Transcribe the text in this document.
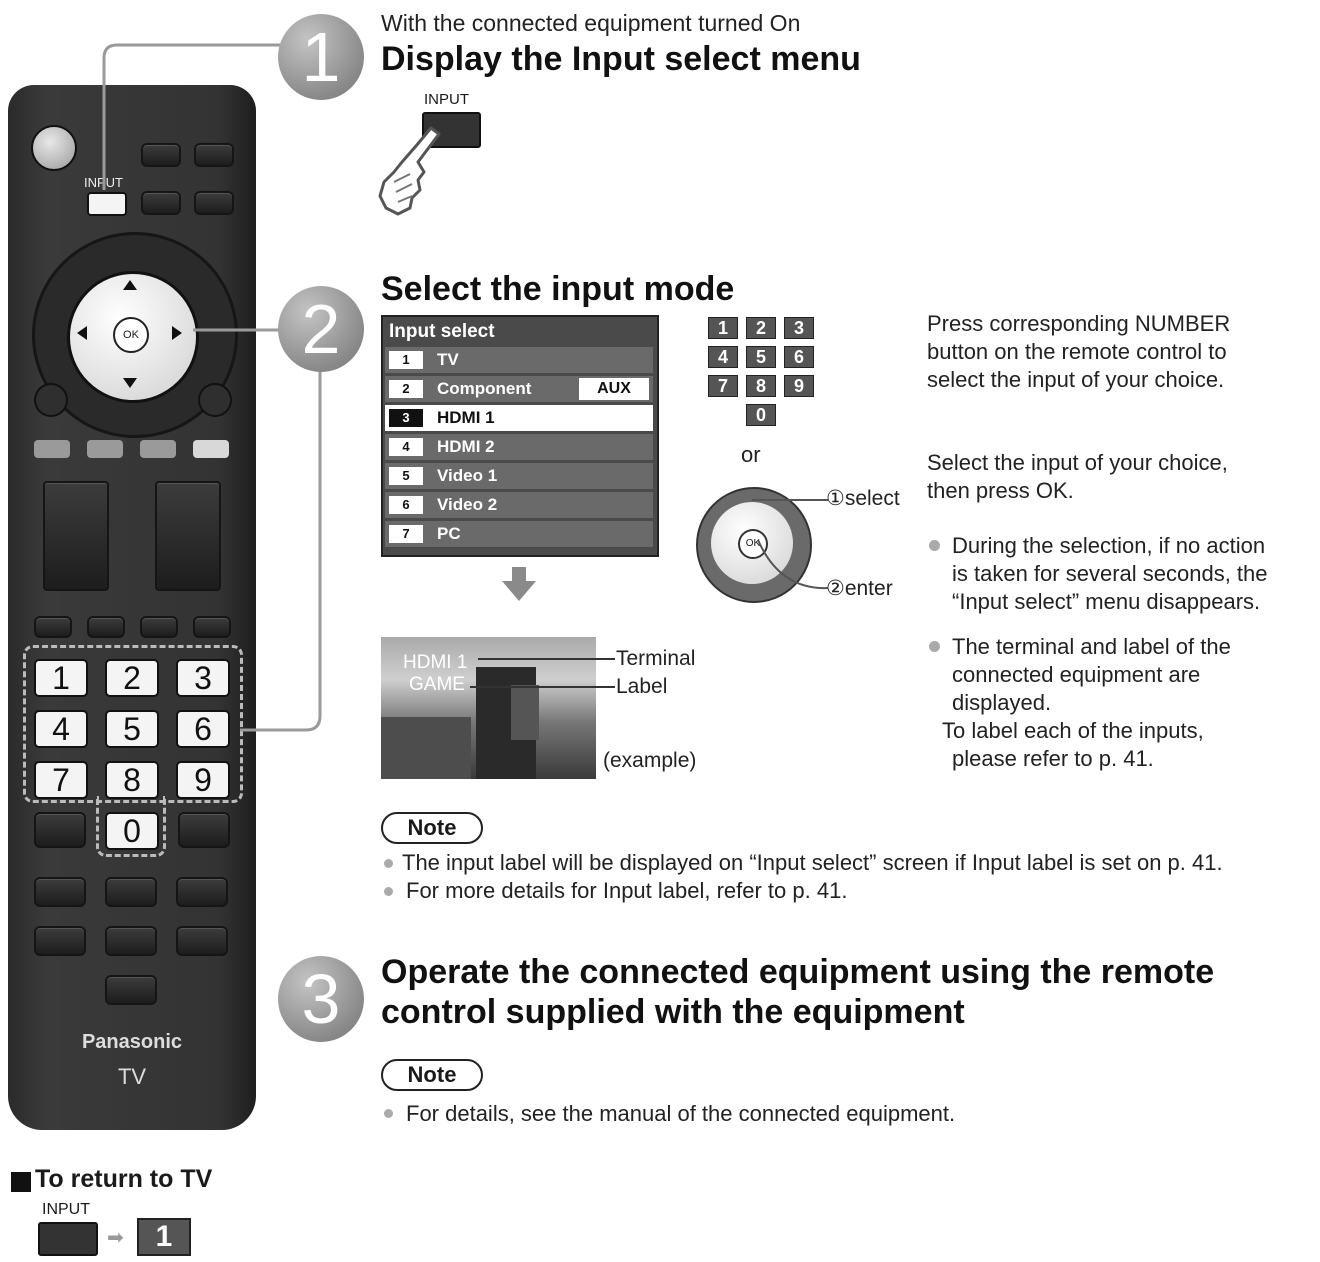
INPUT
OK
1	2	3
4	5	6
7	8	9
0
Panasonic
TV
1	With the connected equipment turned On
Display the Input select menu
INPUT
2
Select the input mode
Input select
1	TV
2	Component	AUX
3	HDMI 1
4	HDMI 2
5	Video 1
6	Video 2
7	PC
1	2	3
4	5	6
7	8	9
0
or
OK
①select
②enter
HDMI 1
GAME
Terminal
Label
(example)
Press corresponding NUMBER
button on the remote control to
select the input of your choice.
Select the input of your choice,
then press OK.
During the selection, if no action
is taken for several seconds, the
“Input select” menu disappears.
The terminal and label of the
connected equipment are
displayed.
To label each of the inputs,
please refer to p. 41.
Note
The input label will be displayed on “Input select” screen if Input label is set on p. 41.
For more details for Input label, refer to p. 41.
3	Operate the connected equipment using the remote
control supplied with the equipment
Note
For details, see the manual of the connected equipment.
To return to TV
INPUT
➡	1
